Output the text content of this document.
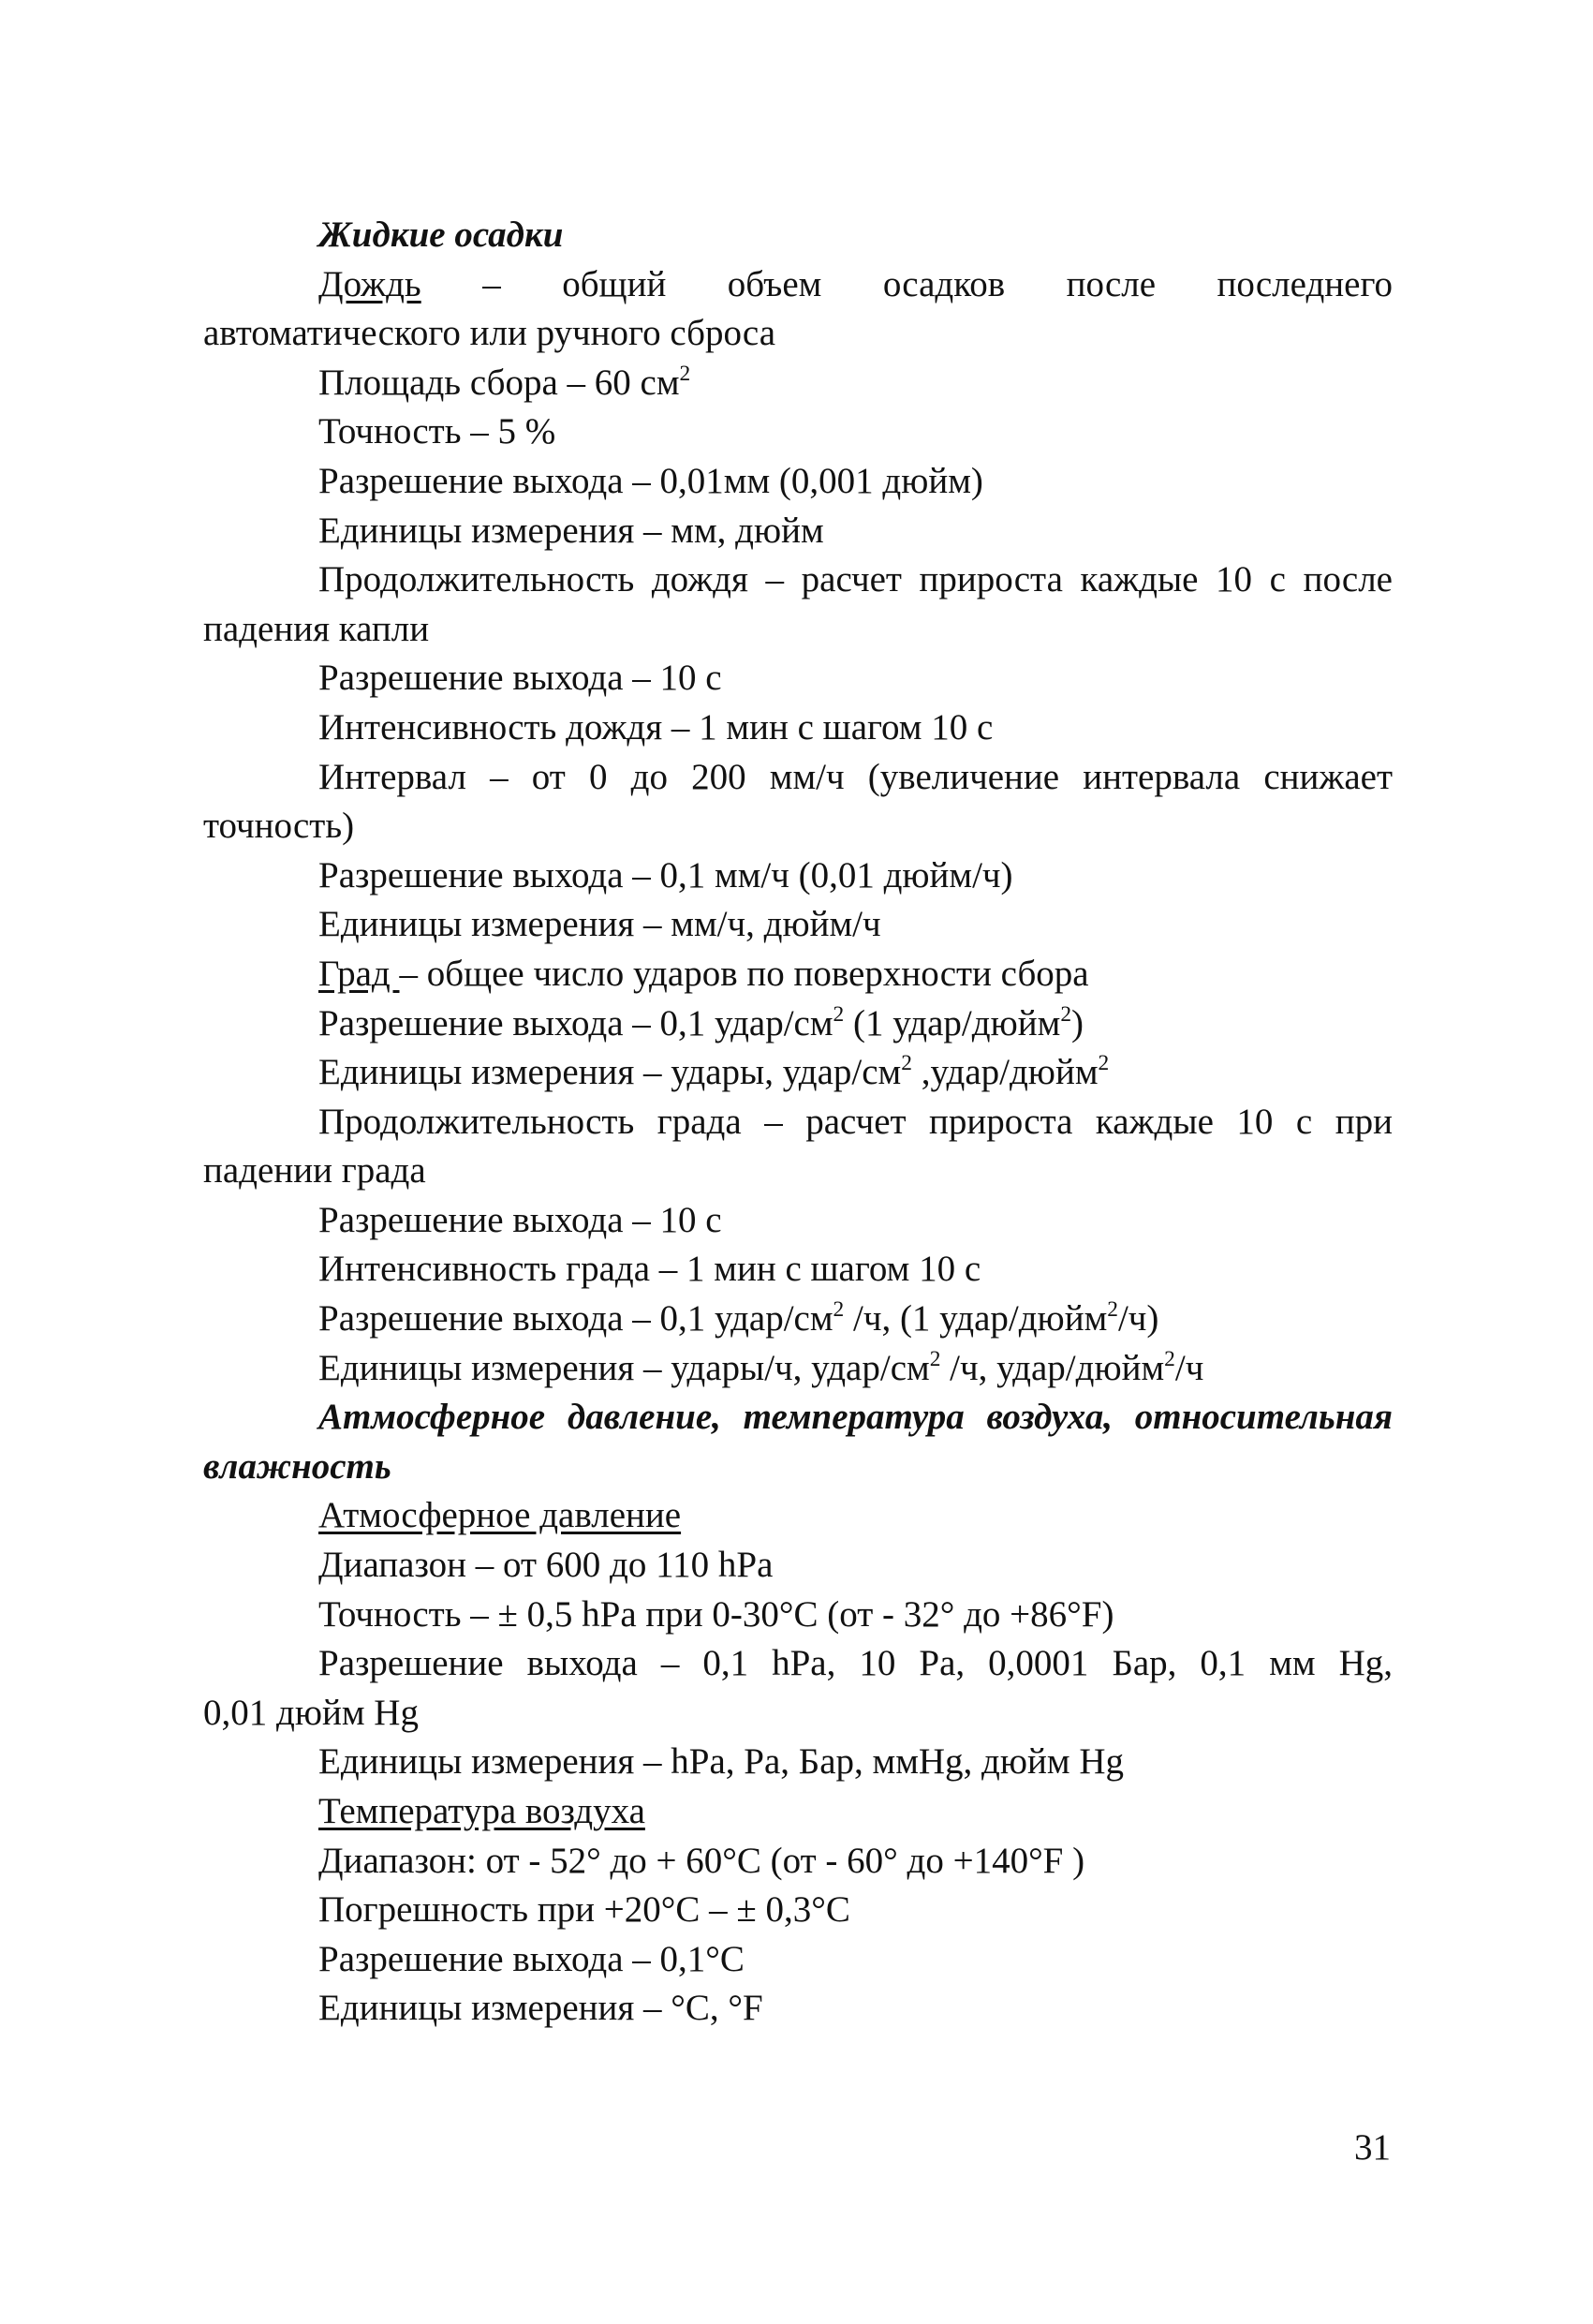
Жидкие осадки
Дождь – общий объем осадков после последнего
автоматического или ручного сброса
Площадь сбора – 60 $см^2$
Точность – 5 %
Разрешение выхода – 0,01мм (0,001 дюйм)
Единицы измерения – мм, дюйм
Продолжительность дождя – расчет прироста каждые 10 с после
падения капли
Разрешение выхода – 10 с
Интенсивность дождя – 1 мин с шагом 10 с
Интервал – от 0 до 200 мм/ч (увеличение интервала снижает
точность)
Разрешение выхода – 0,1 мм/ч (0,01 дюйм/ч)
Единицы измерения – мм/ч, дюйм/ч
Град – общее число ударов по поверхности сбора
Разрешение выхода – 0,1 удар/$см^2$ (1 удар/дюйм$^2$)
Единицы измерения – удары, удар/$см^2$ ,удар/дюйм$^2$
Продолжительность града – расчет прироста каждые 10 с при
падении града
Разрешение выхода – 10 с
Интенсивность града – 1 мин с шагом 10 с
Разрешение выхода – 0,1 удар/$см^2$ /ч, (1 удар/дюйм$^2$/ч)
Единицы измерения – удары/ч, удар/$см^2$ /ч, удар/дюйм$^2$/ч
Атмосферное давление, температура воздуха, относительная
влажность
Атмосферное давление
Диапазон – от 600 до 110 hPa
Точность – ± 0,5 hPa при 0-30°С (от - 32° до +86°F)
Разрешение выхода – 0,1 hPa, 10 Pa, 0,0001 Бар, 0,1 мм Hg,
0,01 дюйм Hg
Единицы измерения – hPa, Pa, Бар, ммHg, дюйм Hg
Температура воздуха
Диапазон: от - 52° до + 60°С (от - 60° до +140°F )
Погрешность при +20°С – ± 0,3°С
Разрешение выхода – 0,1°С
Единицы измерения – °С, °F
31
